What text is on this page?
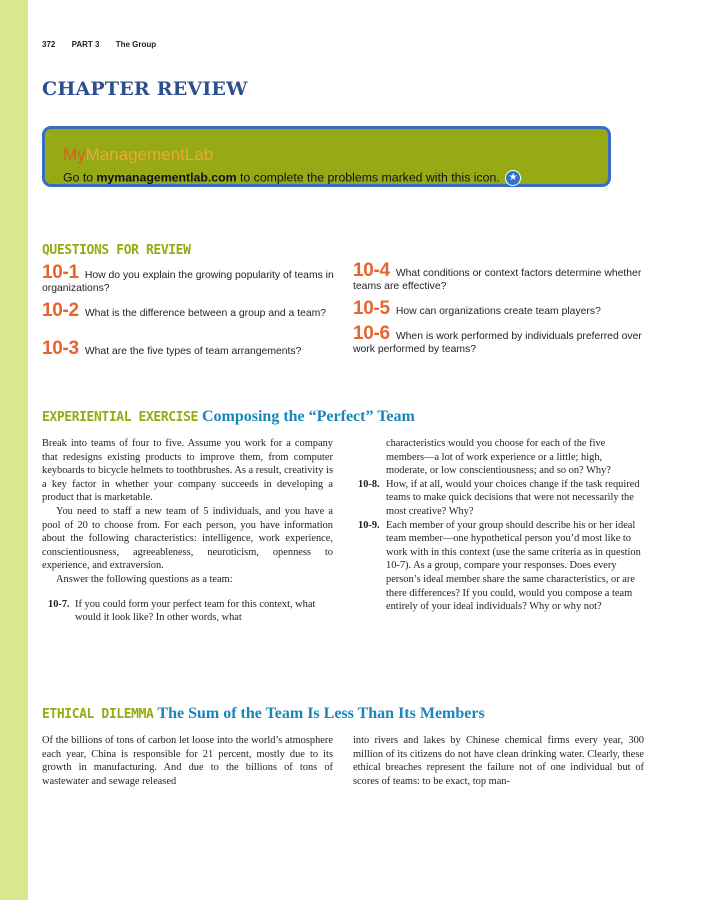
372 PART 3 The Group
CHAPTER REVIEW
MyManagementLab
Go to mymanagementlab.com to complete the problems marked with this icon. ★
QUESTIONS FOR REVIEW
10-1 How do you explain the growing popularity of teams in organizations?
10-2 What is the difference between a group and a team?
10-3 What are the five types of team arrangements?
10-4 What conditions or context factors determine whether teams are effective?
10-5 How can organizations create team players?
10-6 When is work performed by individuals preferred over work performed by teams?
EXPERIENTIAL EXERCISE Composing the “Perfect” Team

Break into teams of four to five. Assume you work for a company that redesigns existing products to improve them, from computer keyboards to bicycle helmets to toothbrushes. As a result, creativity is a key factor in whether your company succeeds in developing a product that is marketable.

You need to staff a new team of 5 individuals, and you have a pool of 20 to choose from. For each person, you have information about the following characteristics: intelligence, work experience, conscientiousness, agreeableness, neuroticism, openness to experience, and extraversion.

Answer the following questions as a team:

10-7. If you could form your perfect team for this context, what would it look like? In other words, what

characteristics would you choose for each of the five members—a lot of work experience or a little; high, moderate, or low conscientiousness; and so on? Why?

10-8. How, if at all, would your choices change if the task required teams to make quick decisions that were not necessarily the most creative? Why?

10-9. Each member of your group should describe his or her ideal team member—one hypothetical person you’d most like to work with in this context (use the same criteria as in question 10-7). As a group, compare your responses. Does every person’s ideal member share the same characteristics, or are there differences? If you could, would you compose a team entirely of your ideal individuals? Why or why not?

ETHICAL DILEMMA The Sum of the Team Is Less Than Its Members

Of the billions of tons of carbon let loose into the world’s atmosphere each year, China is responsible for 21 percent, mostly due to its growth in manufacturing. And due to the billions of tons of wastewater and sewage released

into rivers and lakes by Chinese chemical firms every year, 300 million of its citizens do not have clean drinking water. Clearly, these ethical breaches represent the failure not of one individual but of scores of teams: to be exact, top man-
